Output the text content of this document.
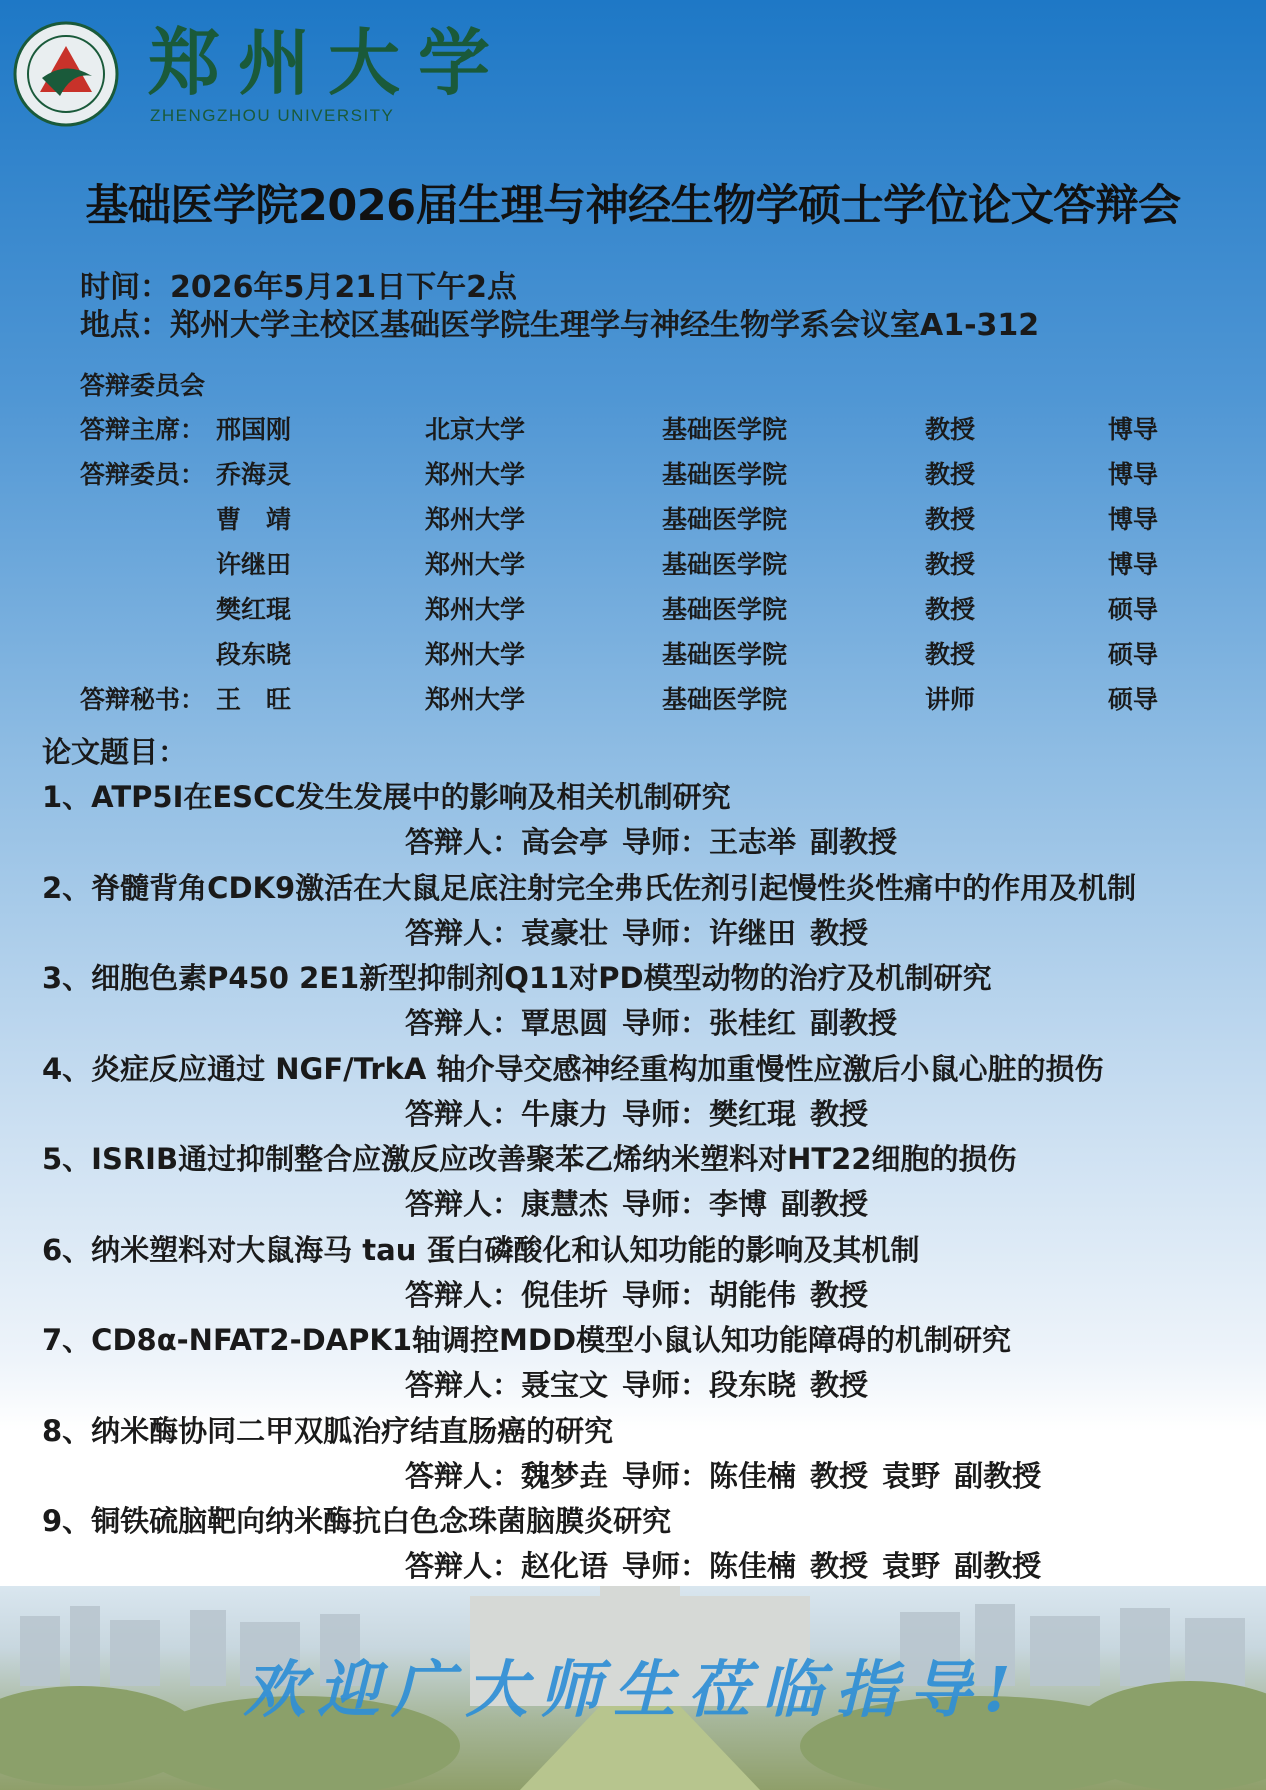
郑州大学
ZHENGZHOU UNIVERSITY
基础医学院2026届生理与神经生物学硕士学位论文答辩会
时间：2026年5月21日下午2点
地点：郑州大学主校区基础医学院生理学与神经生物学系会议室A1-312
答辩委员会
答辩主席： 邢国刚	北京大学	基础医学院	教授	博导
答辩委员： 乔海灵	郑州大学	基础医学院	教授	博导
曹　靖	郑州大学	基础医学院	教授	博导
许继田	郑州大学	基础医学院	教授	博导
樊红琨	郑州大学	基础医学院	教授	硕导
段东晓	郑州大学	基础医学院	教授	硕导
答辩秘书： 王　旺	郑州大学	基础医学院	讲师	硕导
论文题目：
1、ATP5I在ESCC发生发展中的影响及相关机制研究
答辩人：高会亭 导师：王志举 副教授
2、脊髓背角CDK9激活在大鼠足底注射完全弗氏佐剂引起慢性炎性痛中的作用及机制
答辩人：袁豪壮 导师：许继田 教授
3、细胞色素P450 2E1新型抑制剂Q11对PD模型动物的治疗及机制研究
答辩人：覃思圆 导师：张桂红 副教授
4、炎症反应通过 NGF/TrkA 轴介导交感神经重构加重慢性应激后小鼠心脏的损伤
答辩人：牛康力 导师：樊红琨 教授
5、ISRIB通过抑制整合应激反应改善聚苯乙烯纳米塑料对HT22细胞的损伤
答辩人：康慧杰 导师：李博 副教授
6、纳米塑料对大鼠海马 tau 蛋白磷酸化和认知功能的影响及其机制
答辩人：倪佳圻 导师：胡能伟 教授
7、CD8α-NFAT2-DAPK1轴调控MDD模型小鼠认知功能障碍的机制研究
答辩人：聂宝文 导师：段东晓 教授
8、纳米酶协同二甲双胍治疗结直肠癌的研究
答辩人：魏梦垚 导师：陈佳楠 教授 袁野 副教授
9、铜铁硫脑靶向纳米酶抗白色念珠菌脑膜炎研究
答辩人：赵化语 导师：陈佳楠 教授 袁野 副教授
欢迎广大师生莅临指导!
